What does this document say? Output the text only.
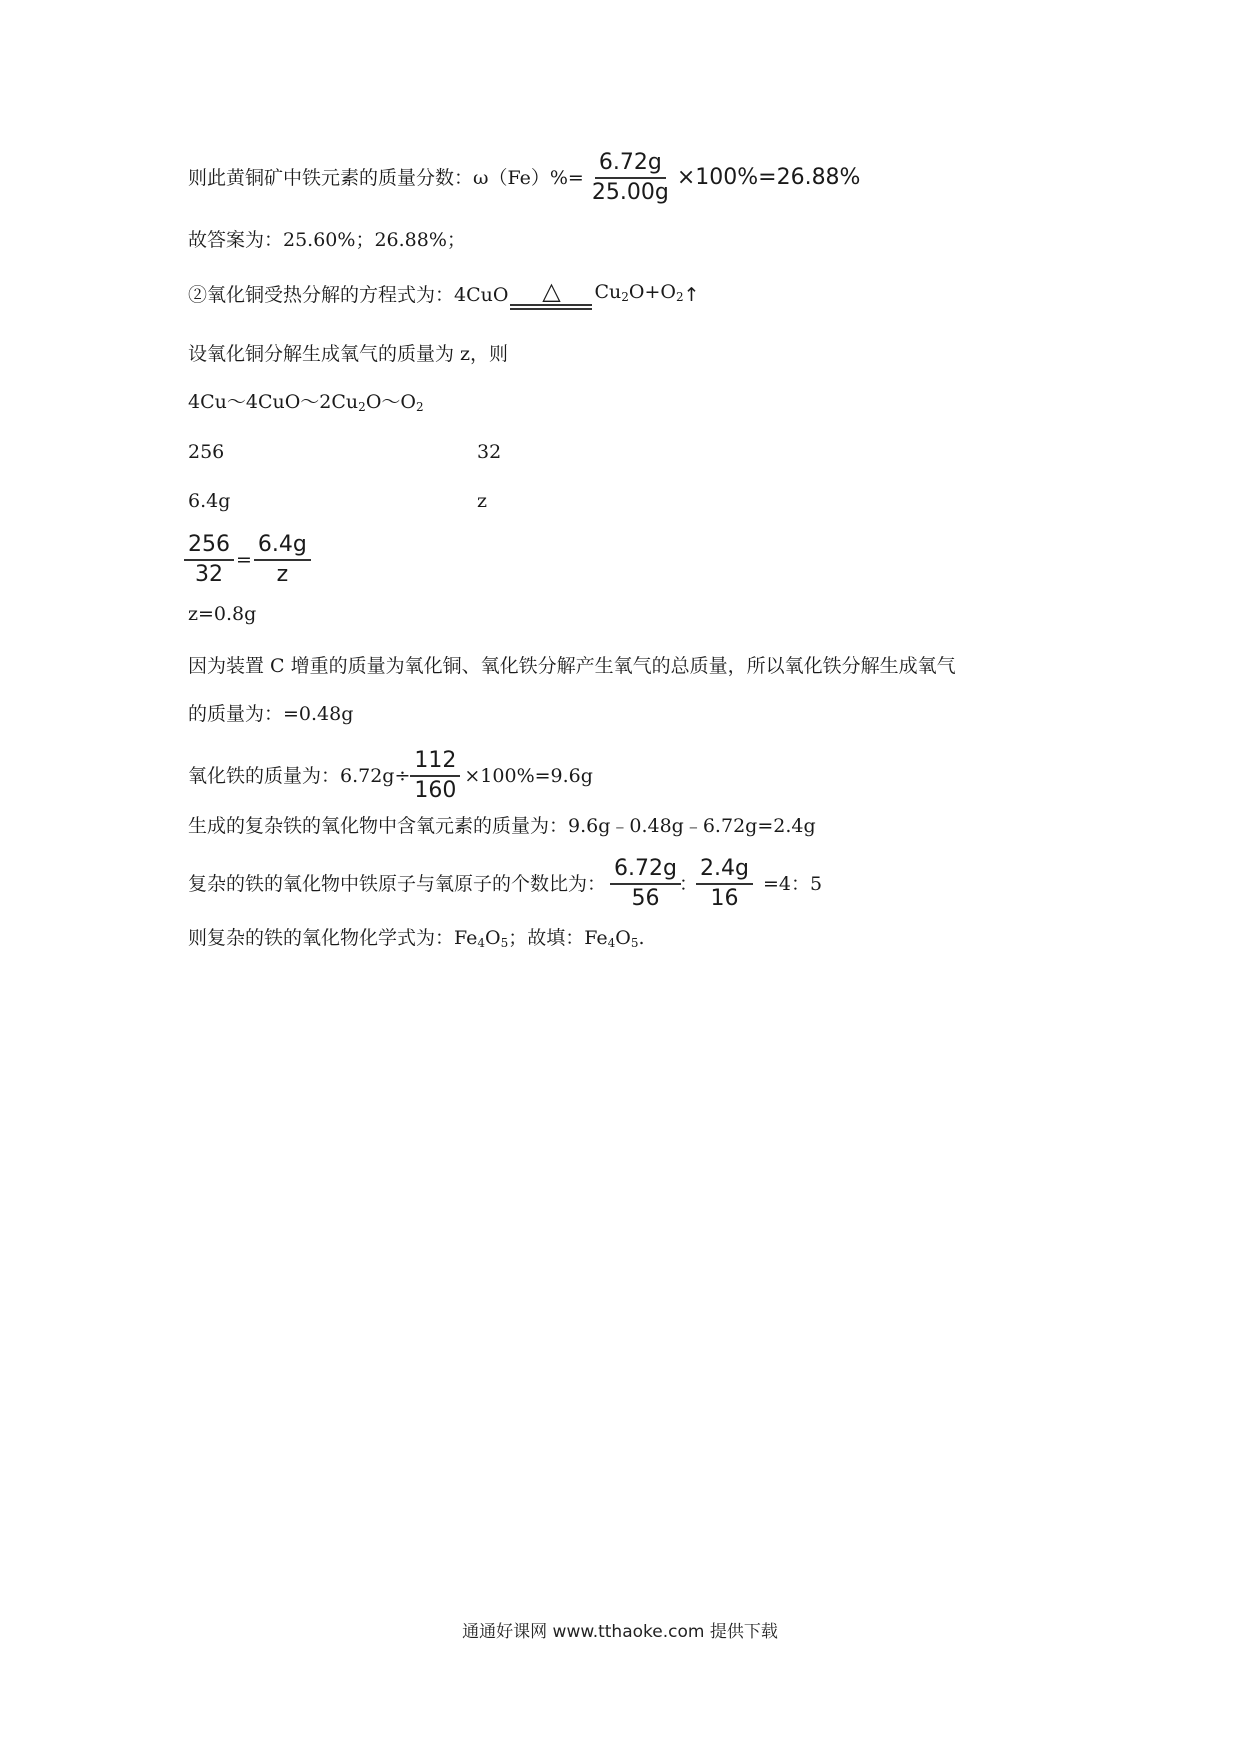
则此黄铜矿中铁元素的质量分数：$\omega(Fe)\%= \frac{6.72g}{25.00g} \times 100\%=26.88\%$
故答案为：25.60%；26.88%；
②氧化铜受热分解的方程式为：4CuO △ $Cu_2O+O_2$ ↑
设氧化铜分解生成氧气的质量为 z，则
$4Cu\sim 4CuO\sim 2Cu_2O\sim O_2$
256	32
6.4g	z
$\frac{256}{32} = \frac{6.4g}{z}$
z=0.8g
因为装置 C 增重的质量为氧化铜、氧化铁分解产生氧气的总质量，所以氧化铁分解生成氧气
的质量为：=0.48g
氧化铁的质量为：$6.72g\div \frac{112}{160} \times 100\%=9.6g$
生成的复杂铁的氧化物中含氧元素的质量为：9.6g﹣0.48g﹣6.72g=2.4g
复杂的铁的氧化物中铁原子与氧原子的个数比为： $\frac{6.72g}{56}$
：
$\frac{2.4g}{16} =4$：5
则复杂的铁的氧化物化学式为：$Fe_4O_5$；故填：$Fe_4O_5$.
通通好课网 www.tthaoke.com 提供下载
